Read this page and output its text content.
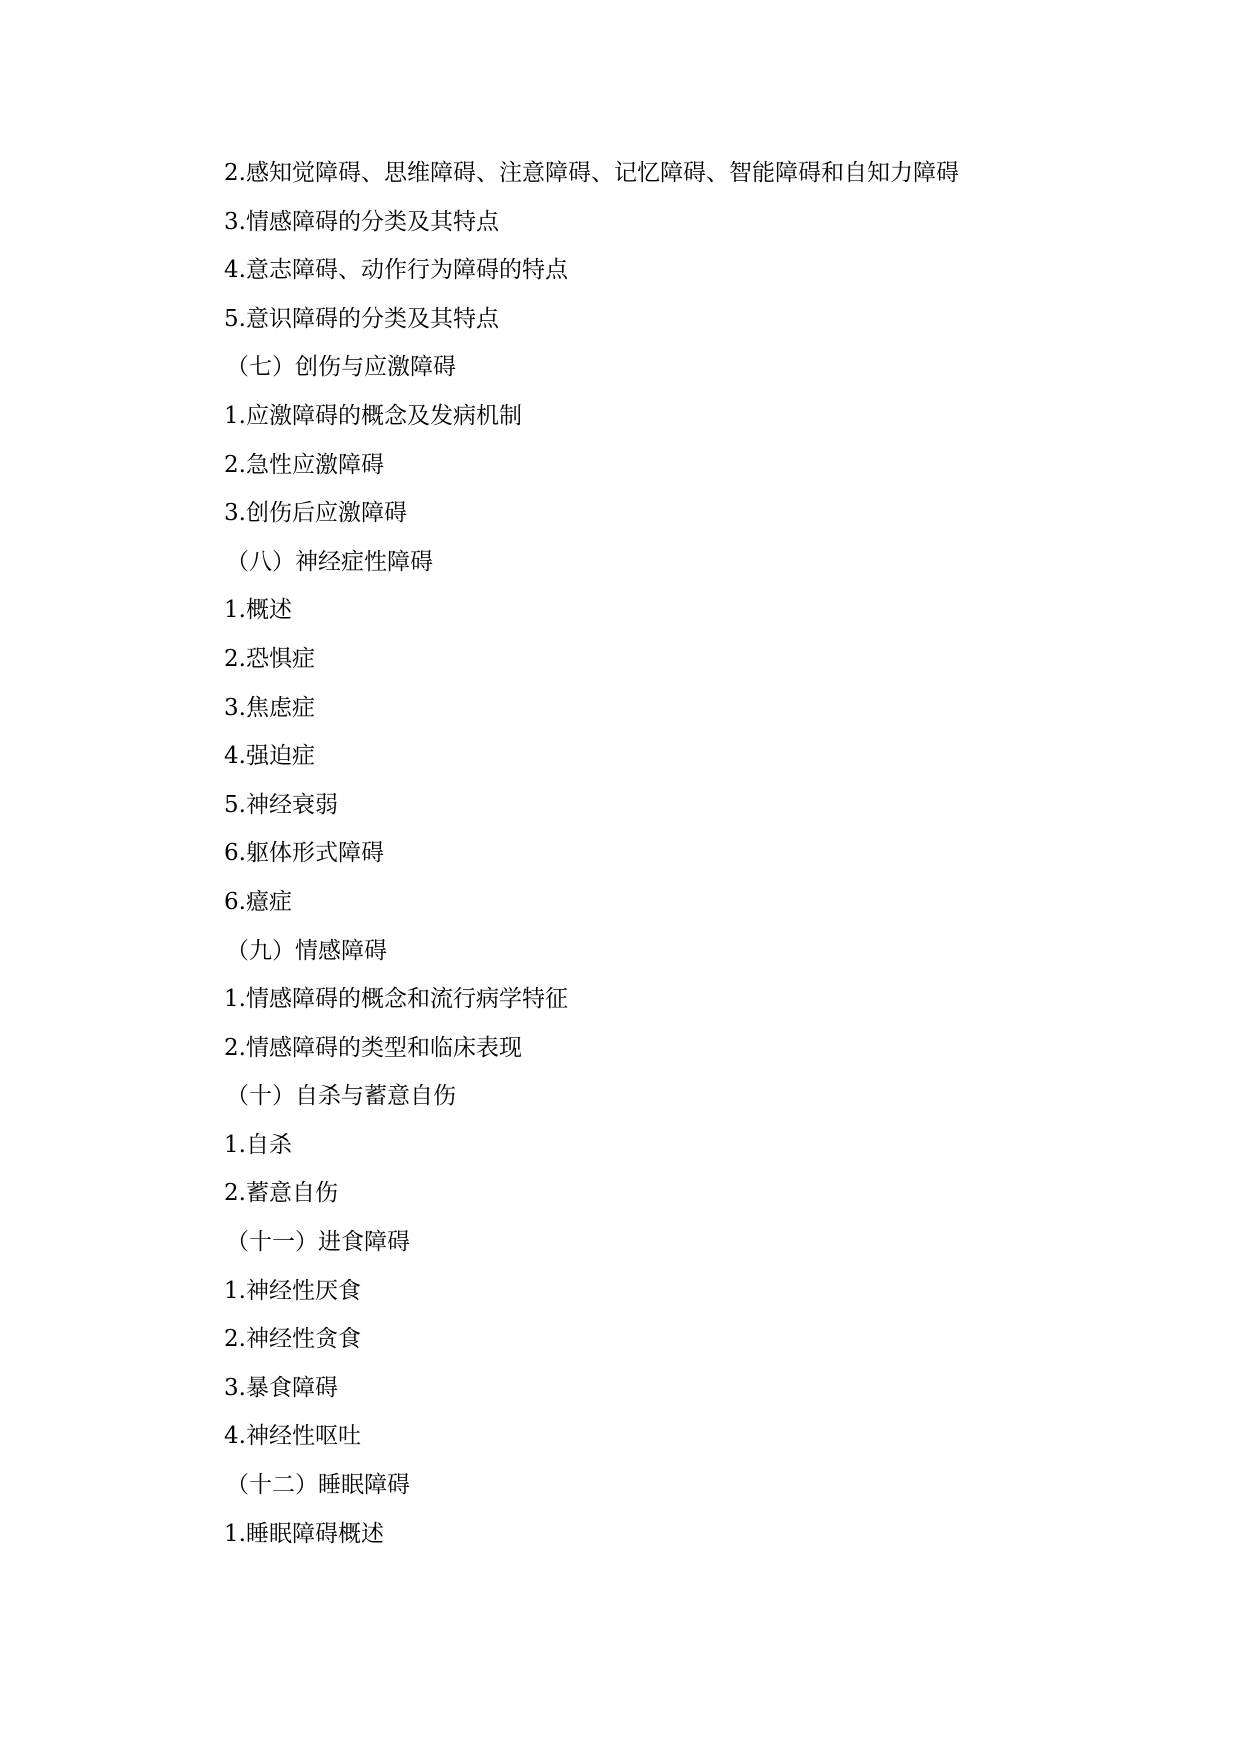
2.感知觉障碍、思维障碍、注意障碍、记忆障碍、智能障碍和自知力障碍
3.情感障碍的分类及其特点
4.意志障碍、动作行为障碍的特点
5.意识障碍的分类及其特点
（七）创伤与应激障碍
1.应激障碍的概念及发病机制
2.急性应激障碍
3.创伤后应激障碍
（八）神经症性障碍
1.概述
2.恐惧症
3.焦虑症
4.强迫症
5.神经衰弱
6.躯体形式障碍
6.癔症
（九）情感障碍
1.情感障碍的概念和流行病学特征
2.情感障碍的类型和临床表现
（十）自杀与蓄意自伤
1.自杀
2.蓄意自伤
（十一）进食障碍
1.神经性厌食
2.神经性贪食
3.暴食障碍
4.神经性呕吐
（十二）睡眠障碍
1.睡眠障碍概述
